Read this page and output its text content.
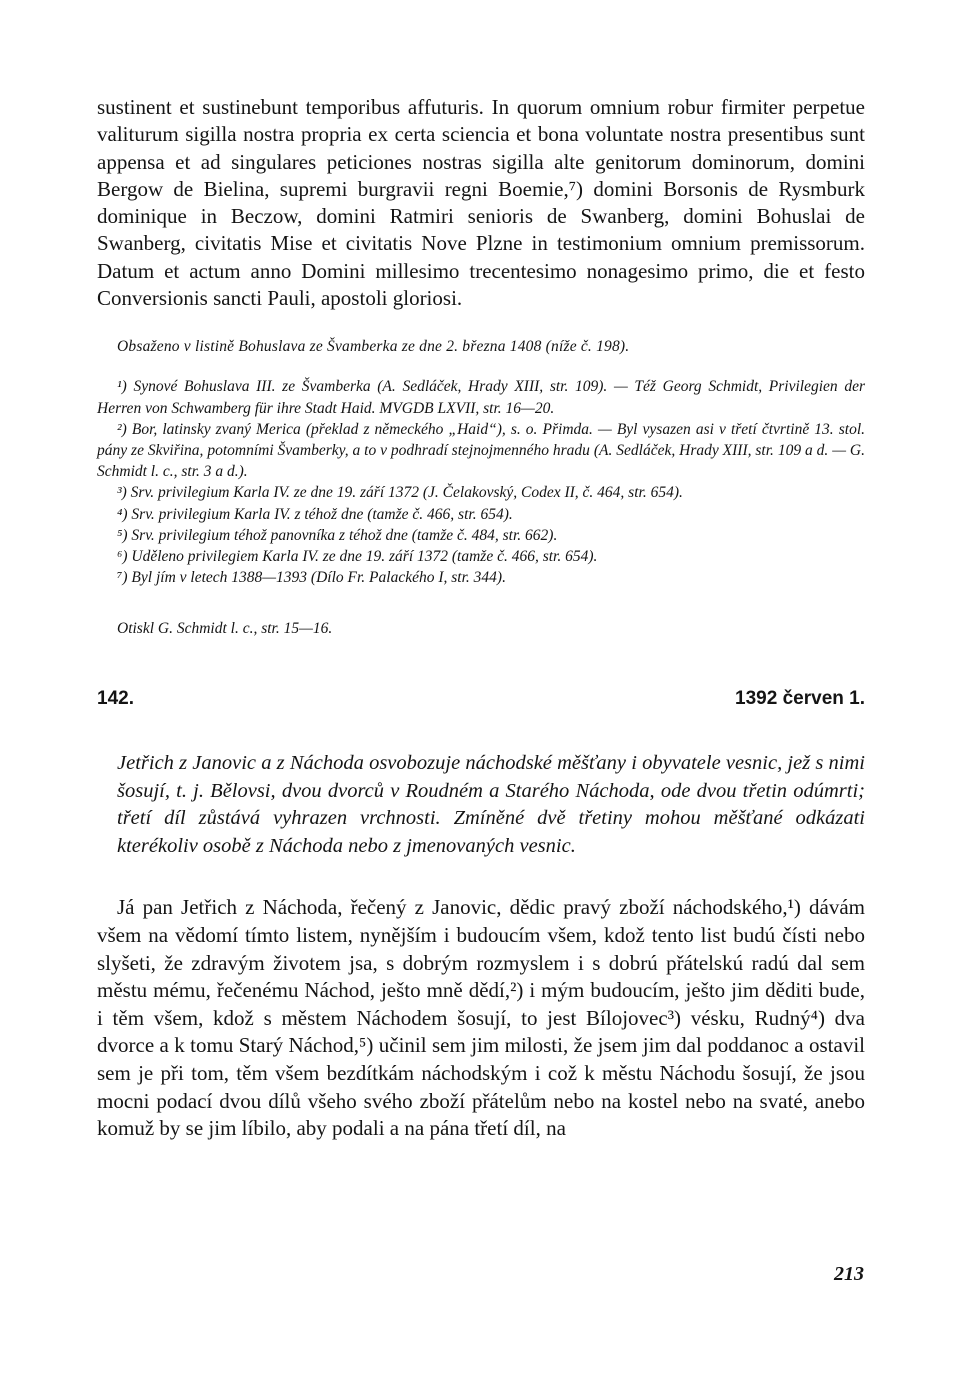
sustinent et sustinebunt temporibus affuturis. In quorum omnium robur firmiter perpetue valiturum sigilla nostra propria ex certa sciencia et bona voluntate nostra presentibus sunt appensa et ad singulares peticiones nostras sigilla alte genitorum dominorum, domini Bergow de Bielina, supremi burgravii regni Boemie,⁷) domini Borsonis de Rysmburk dominique in Beczow, domini Ratmiri senioris de Swanberg, domini Bohuslai de Swanberg, civitatis Mise et civitatis Nove Plzne in testimonium omnium premissorum. Datum et actum anno Domini millesimo trecentesimo nonagesimo primo, die et festo Conversionis sancti Pauli, apostoli gloriosi.

Obsaženo v listině Bohuslava ze Švamberka ze dne 2. března 1408 (níže č. 198).

¹) Synové Bohuslava III. ze Švamberka (A. Sedláček, Hrady XIII, str. 109). — Též Georg Schmidt, Privilegien der Herren von Schwamberg für ihre Stadt Haid. MVGDB LXVII, str. 16—20.

²) Bor, latinsky zvaný Merica (překlad z německého „Haid“), s. o. Přimda. — Byl vysazen asi v třetí čtvrtině 13. stol. pány ze Skviřina, potomními Švamberky, a to v podhradí stejnojmenného hradu (A. Sedláček, Hrady XIII, str. 109 a d. — G. Schmidt l. c., str. 3 a d.).

³) Srv. privilegium Karla IV. ze dne 19. září 1372 (J. Čelakovský, Codex II, č. 464, str. 654).

⁴) Srv. privilegium Karla IV. z téhož dne (tamže č. 466, str. 654).

⁵) Srv. privilegium téhož panovníka z téhož dne (tamže č. 484, str. 662).

⁶) Uděleno privilegiem Karla IV. ze dne 19. září 1372 (tamže č. 466, str. 654).

⁷) Byl jím v letech 1388—1393 (Dílo Fr. Palackého I, str. 344).

Otiskl G. Schmidt l. c., str. 15—16.
142.	1392 červen 1.
Jetřich z Janovic a z Náchoda osvobozuje náchodské měšťany i obyvatele vesnic, jež s nimi šosují, t. j. Bělovsi, dvou dvorců v Roudném a Starého Náchoda, ode dvou třetin odúmrti; třetí díl zůstává vyhrazen vrchnosti. Zmíněné dvě třetiny mohou měšťané odkázati kterékoliv osobě z Náchoda nebo z jmenovaných vesnic.
Já pan Jetřich z Náchoda, řečený z Janovic, dědic pravý zboží náchodského,¹) dávám všem na vědomí tímto listem, nynějším i budoucím všem, kdož tento list budú čísti nebo slyšeti, že zdravým životem jsa, s dobrým rozmyslem i s dobrú přátelskú radú dal sem městu mému, řečenému Náchod, ješto mně dědí,²) i mým budoucím, ješto jim děditi bude, i těm všem, kdož s městem Náchodem šosují, to jest Bílojovec³) vésku, Rudný⁴) dva dvorce a k tomu Starý Náchod,⁵) učinil sem jim milosti, že jsem jim dal poddanoc a ostavil sem je při tom, těm všem bezdítkám náchodským i což k městu Náchodu šosují, že jsou mocni podací dvou dílů všeho svého zboží přátelům nebo na kostel nebo na svaté, anebo komuž by se jim líbilo, aby podali a na pána třetí díl, na
213
